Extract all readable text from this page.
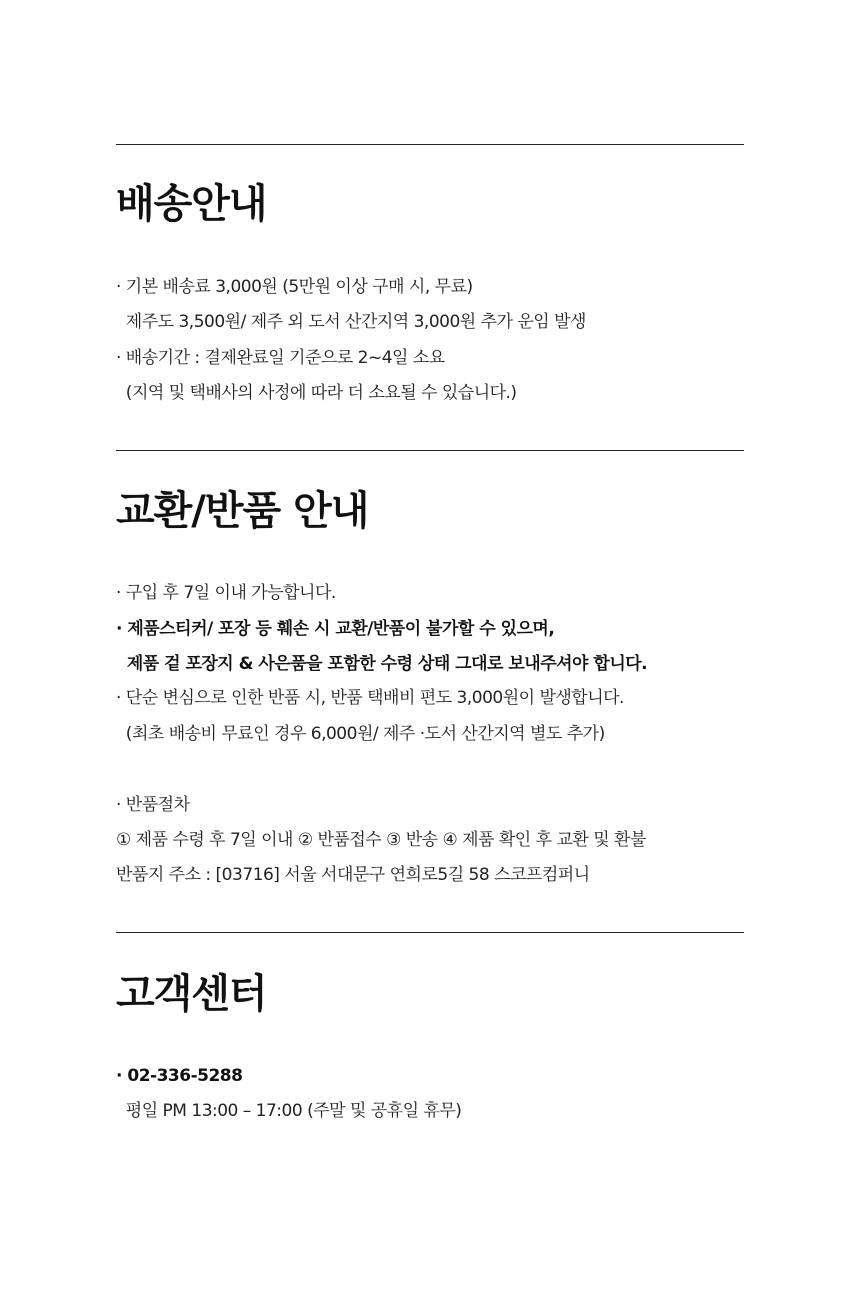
배송안내
· 기본 배송료 3,000원 (5만원 이상 구매 시, 무료)
제주도 3,500원/ 제주 외 도서 산간지역 3,000원 추가 운임 발생
· 배송기간 : 결제완료일 기준으로 2~4일 소요
(지역 및 택배사의 사정에 따라 더 소요될 수 있습니다.)
교환/반품 안내
· 구입 후 7일 이내 가능합니다.
· 제품스티커/ 포장 등 훼손 시 교환/반품이 불가할 수 있으며,
제품 겉 포장지 & 사은품을 포함한 수령 상태 그대로 보내주셔야 합니다.
· 단순 변심으로 인한 반품 시, 반품 택배비 편도 3,000원이 발생합니다.
(최초 배송비 무료인 경우 6,000원/ 제주 ·도서 산간지역 별도 추가)
· 반품절차
① 제품 수령 후 7일 이내 ② 반품접수 ③ 반송 ④ 제품 확인 후 교환 및 환불
반품지 주소 : [03716] 서울 서대문구 연희로5길 58 스코프컴퍼니
고객센터
· 02-336-5288
평일 PM 13:00 – 17:00 (주말 및 공휴일 휴무)
